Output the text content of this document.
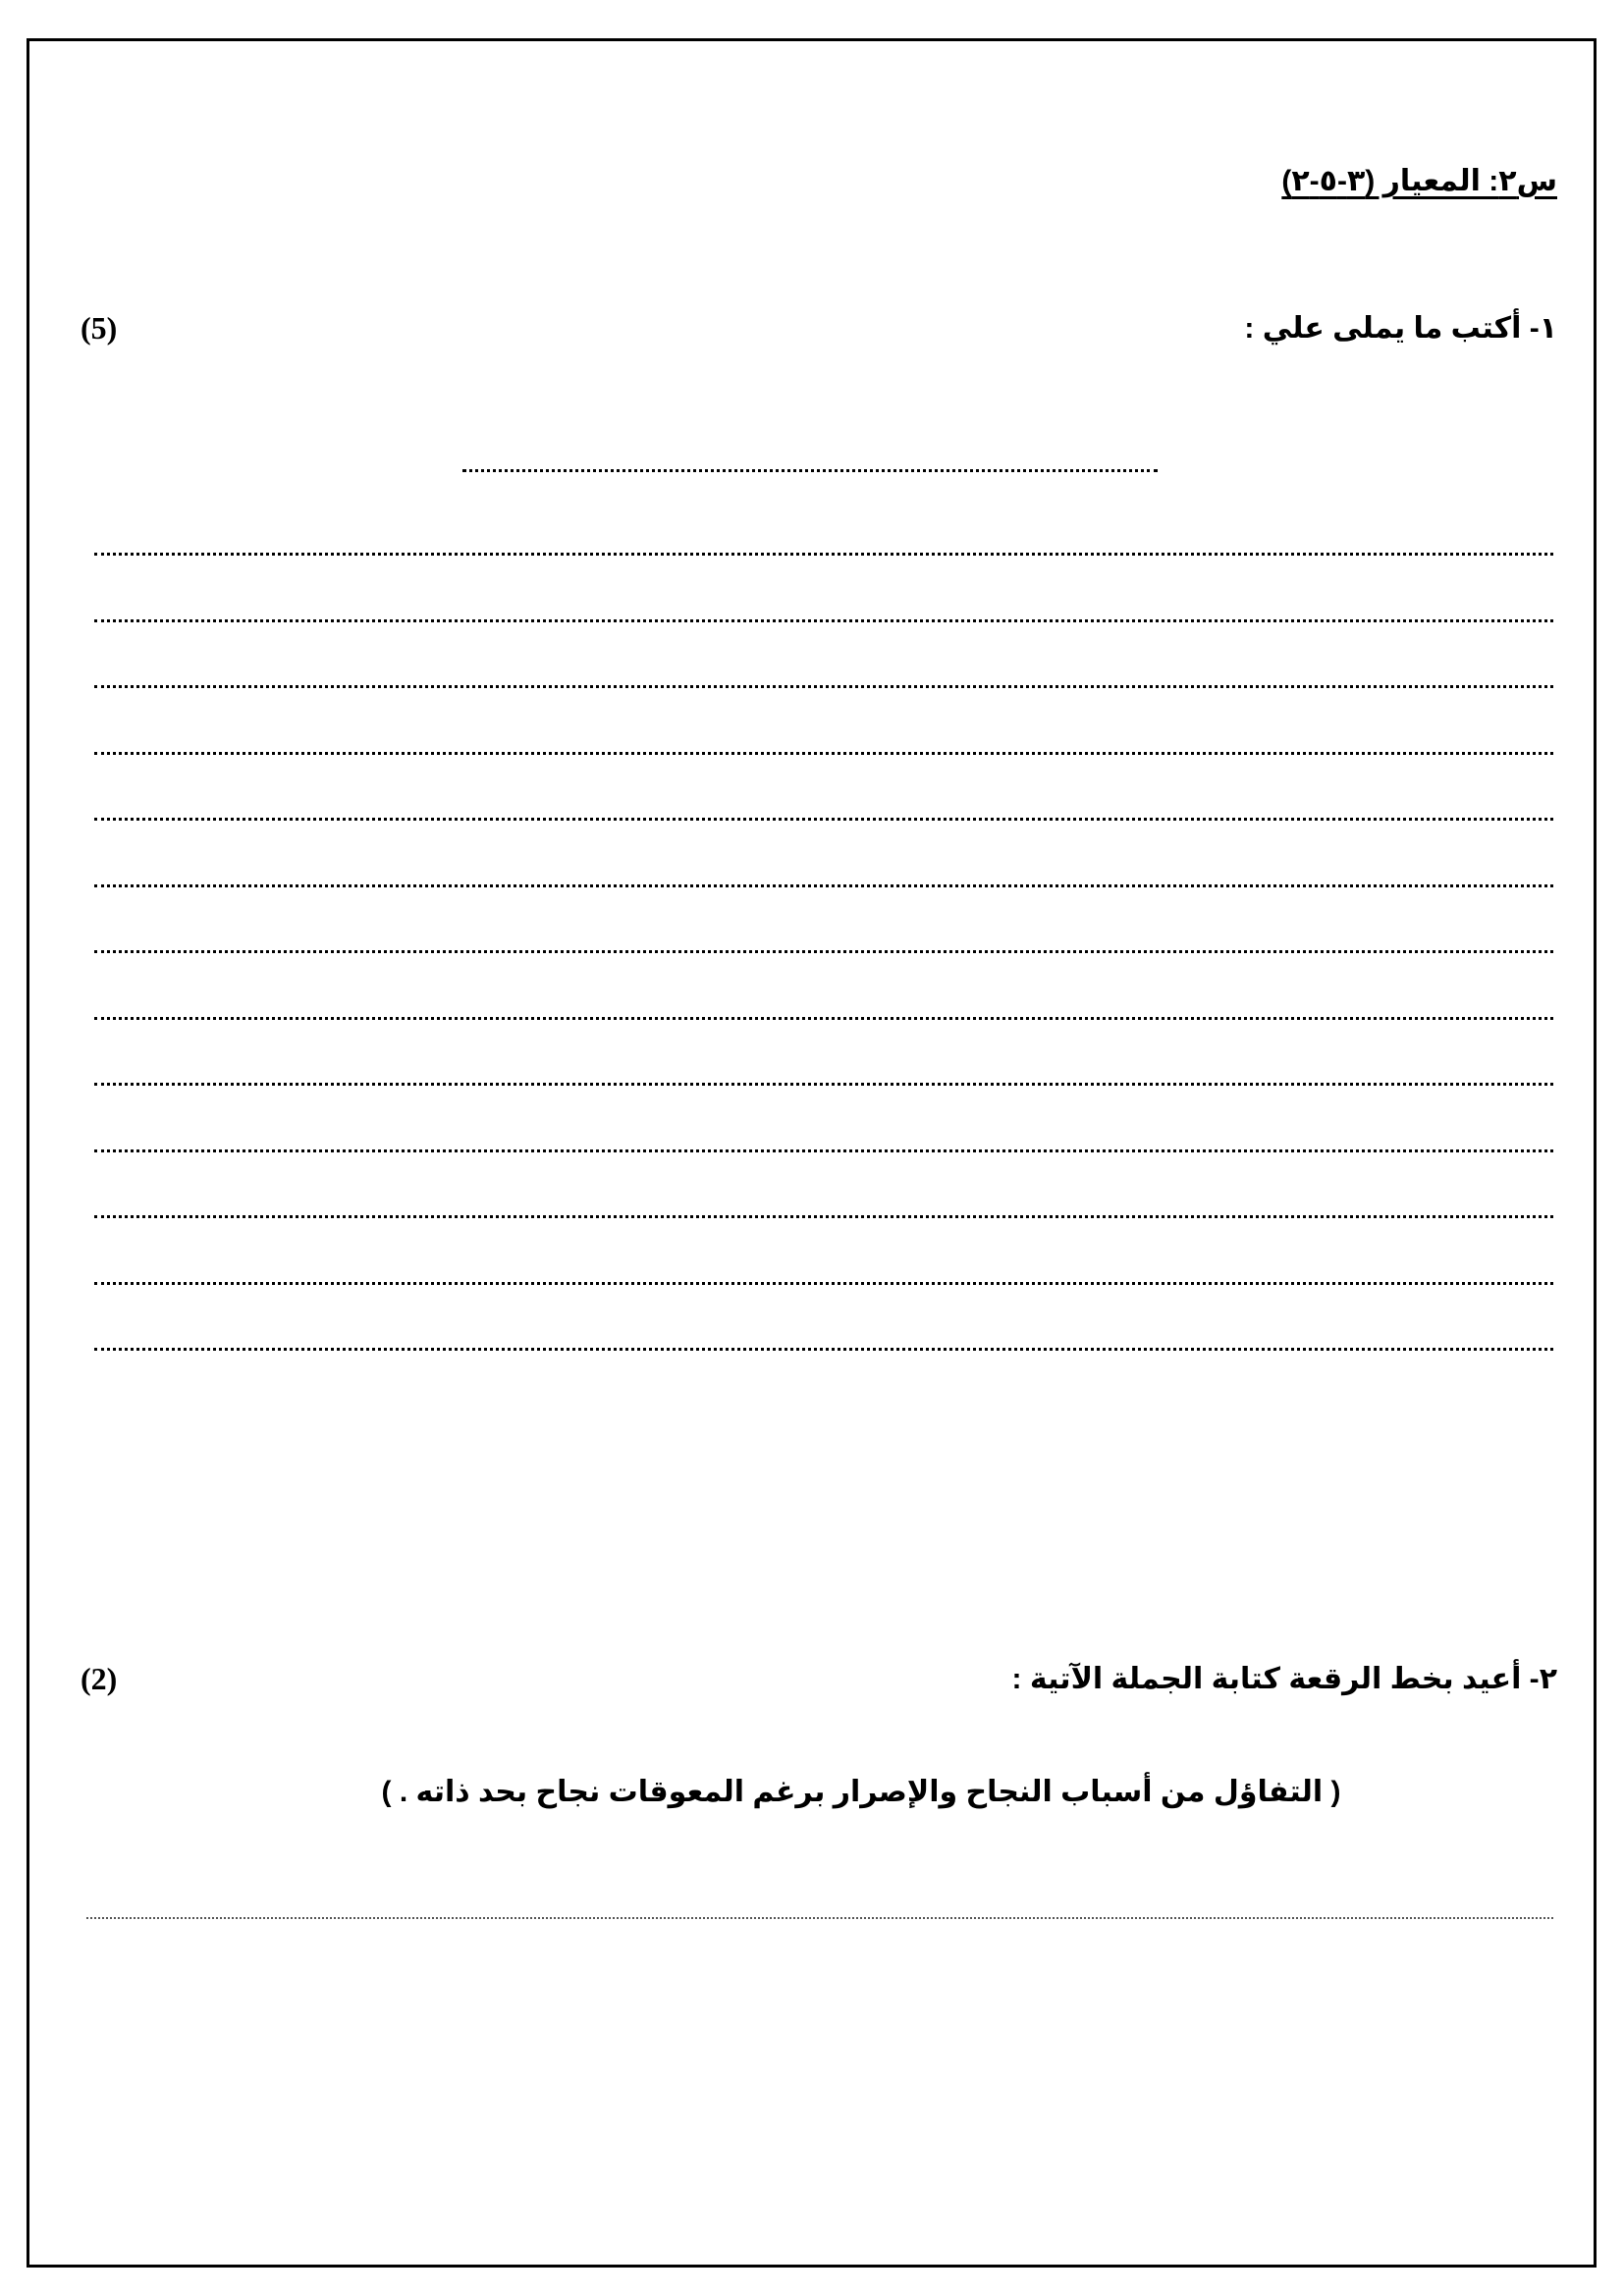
س٢: المعيار (٣-٥-٢)
١- أكتب ما يملى علي :
(5)
٢- أعيد بخط الرقعة كتابة الجملة الآتية :
(2)
( التفاؤل من أسباب النجاح والإصرار برغم المعوقات نجاح بحد ذاته . )
